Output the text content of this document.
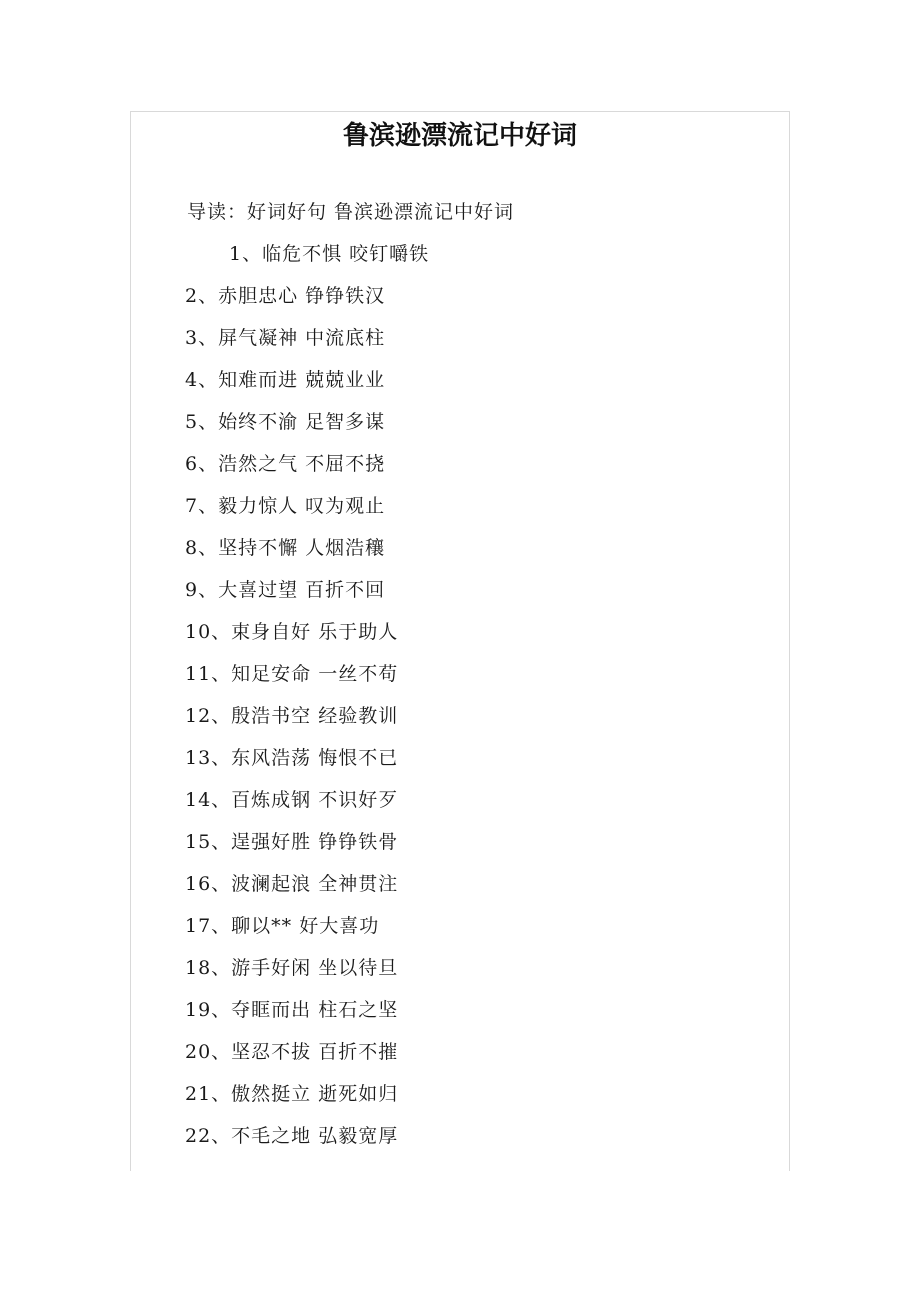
鲁滨逊漂流记中好词
导读：好词好句 鲁滨逊漂流记中好词
1、临危不惧 咬钉嚼铁
2、赤胆忠心 铮铮铁汉
3、屏气凝神 中流底柱
4、知难而进 兢兢业业
5、始终不渝 足智多谋
6、浩然之气 不屈不挠
7、毅力惊人 叹为观止
8、坚持不懈 人烟浩穰
9、大喜过望 百折不回
10、束身自好 乐于助人
11、知足安命 一丝不苟
12、殷浩书空 经验教训
13、东风浩荡 悔恨不已
14、百炼成钢 不识好歹
15、逞强好胜 铮铮铁骨
16、波澜起浪 全神贯注
17、聊以** 好大喜功
18、游手好闲 坐以待旦
19、夺眶而出 柱石之坚
20、坚忍不拔 百折不摧
21、傲然挺立 逝死如归
22、不毛之地 弘毅宽厚
